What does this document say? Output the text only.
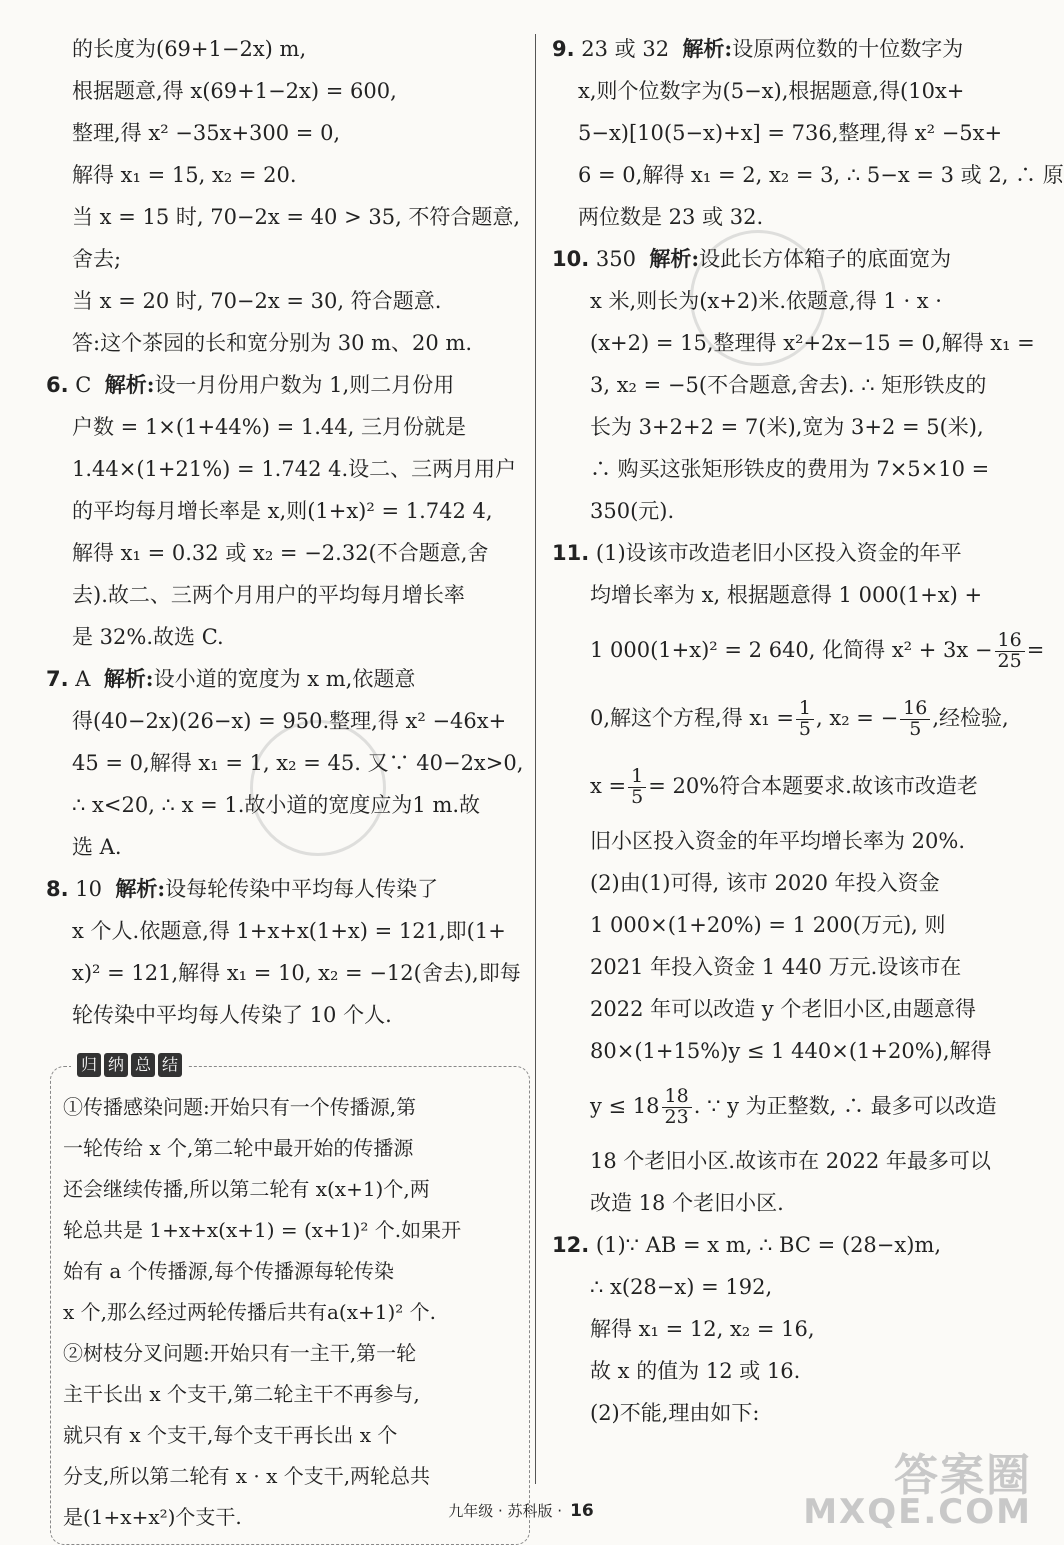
的长度为(69+1−2x) m,
根据题意,得 x(69+1−2x) = 600,
整理,得 x² −35x+300 = 0,
解得 x₁ = 15, x₂ = 20.
当 x = 15 时, 70−2x = 40 > 35, 不符合题意,
舍去;
当 x = 20 时, 70−2x = 30, 符合题意.
答:这个茶园的长和宽分别为 30 m、20 m.
6. C 解析:设一月份用户数为 1,则二月份用
户数 = 1×(1+44%) = 1.44, 三月份就是
1.44×(1+21%) = 1.742 4.设二、三两月用户
的平均每月增长率是 x,则(1+x)² = 1.742 4,
解得 x₁ = 0.32 或 x₂ = −2.32(不合题意,舍
去).故二、三两个月用户的平均每月增长率
是 32%.故选 C.
7. A 解析:设小道的宽度为 x m,依题意
得(40−2x)(26−x) = 950.整理,得 x² −46x+
45 = 0,解得 x₁ = 1, x₂ = 45. 又∵ 40−2x>0,
∴ x<20, ∴ x = 1.故小道的宽度应为1 m.故
选 A.
8. 10 解析:设每轮传染中平均每人传染了
x 个人.依题意,得 1+x+x(1+x) = 121,即(1+
x)² = 121,解得 x₁ = 10, x₂ = −12(舍去),即每
轮传染中平均每人传染了 10 个人.
归 纳 总 结
①传播感染问题:开始只有一个传播源,第
一轮传给 x 个,第二轮中最开始的传播源
还会继续传播,所以第二轮有 x(x+1)个,两
轮总共是 1+x+x(x+1) = (x+1)² 个.如果开
始有 a 个传播源,每个传播源每轮传染
x 个,那么经过两轮传播后共有a(x+1)² 个.
②树枝分叉问题:开始只有一主干,第一轮
主干长出 x 个支干,第二轮主干不再参与,
就只有 x 个支干,每个支干再长出 x 个
分支,所以第二轮有 x · x 个支干,两轮总共
是(1+x+x²)个支干.
9. 23 或 32 解析:设原两位数的十位数字为
x,则个位数字为(5−x),根据题意,得(10x+
5−x)[10(5−x)+x] = 736,整理,得 x² −5x+
6 = 0,解得 x₁ = 2, x₂ = 3, ∴ 5−x = 3 或 2, ∴ 原
两位数是 23 或 32.
10. 350 解析:设此长方体箱子的底面宽为
x 米,则长为(x+2)米.依题意,得 1 · x ·
(x+2) = 15,整理得 x²+2x−15 = 0,解得 x₁ =
3, x₂ = −5(不合题意,舍去). ∴ 矩形铁皮的
长为 3+2+2 = 7(米),宽为 3+2 = 5(米),
∴ 购买这张矩形铁皮的费用为 7×5×10 =
350(元).
11. (1)设该市改造老旧小区投入资金的年平
均增长率为 x, 根据题意得 1 000(1+x) +
1 000(1+x)² = 2 640, 化简得 $x^2 + 3x - \frac{16}{25}$ =
0,解这个方程,得 $x_1 = \frac{1}{5}$ , x₂ = − $\frac{16}{5}$ ,经检验,
$x = \frac{1}{5} = 20\%$符合本题要求.故该市改造老
旧小区投入资金的年平均增长率为 20%.
(2)由(1)可得, 该市 2020 年投入资金
1 000×(1+20%) = 1 200(万元), 则
2021 年投入资金 1 440 万元.设该市在
2022 年可以改造 y 个老旧小区,由题意得
80×(1+15%)y ≤ 1 440×(1+20%),解得
$y \le 18 \frac{18}{23}$ . ∵ y 为正整数, ∴ 最多可以改造
18 个老旧小区.故该市在 2022 年最多可以
改造 18 个老旧小区.
12. (1)∵ AB = x m, ∴ BC = (28−x)m,
∴ x(28−x) = 192,
解得 x₁ = 12, x₂ = 16,
故 x 的值为 12 或 16.
(2)不能,理由如下:
九年级 · 苏科版 · 16
答案圈
MXQE.COM
